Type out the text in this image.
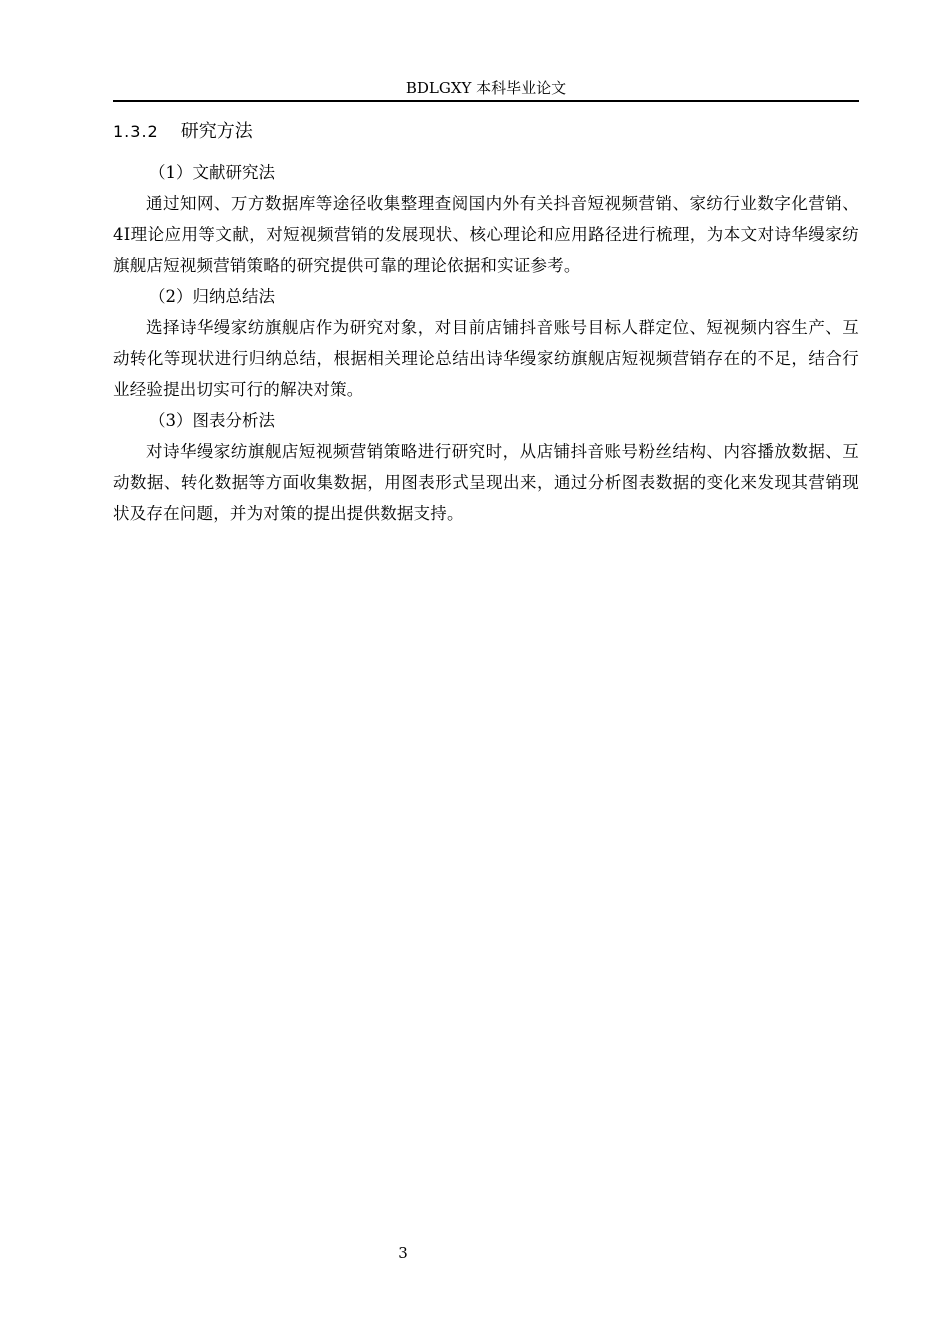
BDLGXY 本科毕业论文
1.3.2 研究方法

（1）文献研究法

通过知网、万方数据库等途径收集整理查阅国内外有关抖音短视频营销、家纺行业数字化营销、4I理论应用等文献，对短视频营销的发展现状、核心理论和应用路径进行梳理，为本文对诗华缦家纺旗舰店短视频营销策略的研究提供可靠的理论依据和实证参考。

（2）归纳总结法

选择诗华缦家纺旗舰店作为研究对象，对目前店铺抖音账号目标人群定位、短视频内容生产、互动转化等现状进行归纳总结，根据相关理论总结出诗华缦家纺旗舰店短视频营销存在的不足，结合行业经验提出切实可行的解决对策。

（3）图表分析法

对诗华缦家纺旗舰店短视频营销策略进行研究时，从店铺抖音账号粉丝结构、内容播放数据、互动数据、转化数据等方面收集数据，用图表形式呈现出来，通过分析图表数据的变化来发现其营销现状及存在问题，并为对策的提出提供数据支持。

3
